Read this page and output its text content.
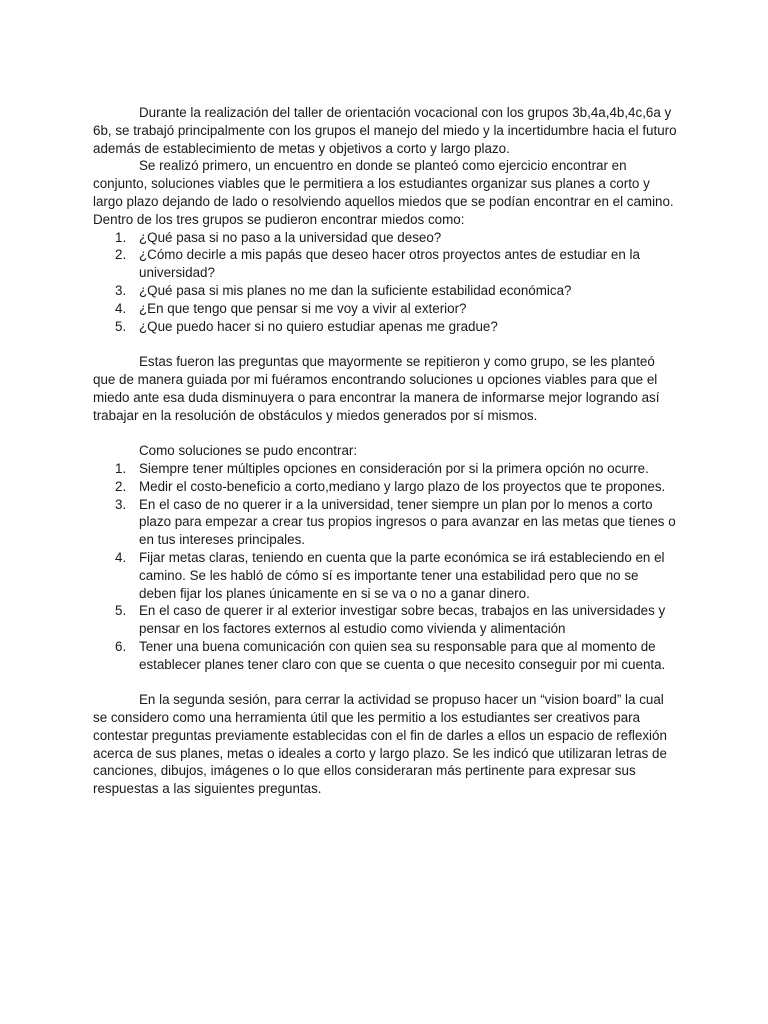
Durante la realización del taller de orientación vocacional con los grupos 3b,4a,4b,4c,6a y 6b, se trabajó principalmente con los grupos el manejo del miedo y la incertidumbre hacia el futuro además de establecimiento de metas y objetivos a corto y largo plazo.

Se realizó primero, un encuentro en donde se planteó como ejercicio encontrar en conjunto, soluciones viables que le permitiera a los estudiantes organizar sus planes a corto y largo plazo dejando de lado o resolviendo aquellos miedos que se podían encontrar en el camino.

Dentro de los tres grupos se pudieron encontrar miedos como:

1. ¿Qué pasa si no paso a la universidad que deseo?
2. ¿Cómo decirle a mis papás que deseo hacer otros proyectos antes de estudiar en la universidad?
3. ¿Qué pasa si mis planes no me dan la suficiente estabilidad económica?
4. ¿En que tengo que pensar si me voy a vivir al exterior?
5. ¿Que puedo hacer si no quiero estudiar apenas me gradue?

Estas fueron las preguntas que mayormente se repitieron y como grupo, se les planteó que de manera guiada por mi fuéramos encontrando soluciones u opciones viables para que el miedo ante esa duda disminuyera o para encontrar la manera de informarse mejor logrando así trabajar en la resolución de obstáculos y miedos generados por sí mismos.

Como soluciones se pudo encontrar:

1. Siempre tener múltiples opciones en consideración por si la primera opción no ocurre.
2. Medir el costo-beneficio a corto,mediano y largo plazo de los proyectos que te propones.
3. En el caso de no querer ir a la universidad, tener siempre un plan por lo menos a corto plazo para empezar a crear tus propios ingresos o para avanzar en las metas que tienes o en tus intereses principales.
4. Fijar metas claras, teniendo en cuenta que la parte económica se irá estableciendo en el camino. Se les habló de cómo sí es importante tener una estabilidad pero que no se deben fijar los planes únicamente en si se va o no a ganar dinero.
5. En el caso de querer ir al exterior investigar sobre becas, trabajos en las universidades y pensar en los factores externos al estudio como vivienda y alimentación
6. Tener una buena comunicación con quien sea su responsable para que al momento de establecer planes tener claro con que se cuenta o que necesito conseguir por mi cuenta.

En la segunda sesión, para cerrar la actividad se propuso hacer un “vision board” la cual se considero como una herramienta útil que les permitio a los estudiantes ser creativos para contestar preguntas previamente establecidas con el fin de darles a ellos un espacio de reflexión acerca de sus planes, metas o ideales a corto y largo plazo. Se les indicó que utilizaran letras de canciones, dibujos, imágenes o lo que ellos consideraran más pertinente para expresar sus respuestas a las siguientes preguntas.
